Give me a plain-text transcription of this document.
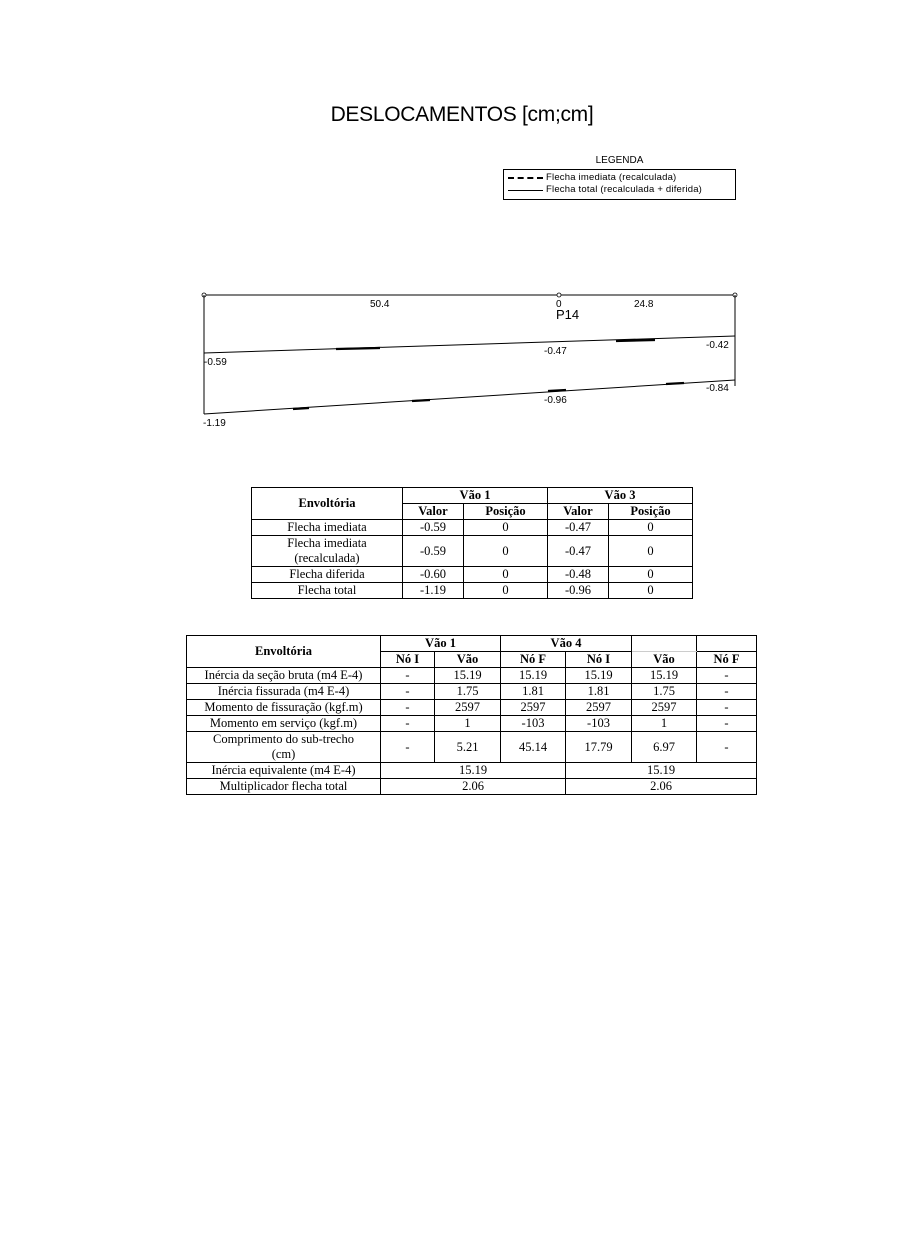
DESLOCAMENTOS [cm;cm]
LEGENDA
Flecha imediata (recalculada)
Flecha total (recalculada + diferida)
50.4	0	24.8
P14
-0.59
-0.47
-0.42
-1.19
-0.96
-0.84
Envoltória	Vão 1		Vão 3	
	Valor	Posição	Valor	Posição
Flecha imediata	-0.59	0	-0.47	0
Flecha imediata (recalculada)	-0.59	0	-0.47	0
Flecha diferida	-0.60	0	-0.48	0
Flecha total	-1.19	0	-0.96	0
Envoltória	Vão 1		Vão 4			
	Nó I	Vão	Nó F	Nó I	Vão	Nó F
Inércia da seção bruta (m4 E-4)	-	15.19	15.19	15.19	15.19	-
Inércia fissurada (m4 E-4)	-	1.75	1.81	1.81	1.75	-
Momento de fissuração (kgf.m)	-	2597	2597	2597	2597	-
Momento em serviço (kgf.m)	-	1	-103	-103	1	-
Comprimento do sub-trecho (cm)	-	5.21	45.14	17.79	6.97	-
Inércia equivalente (m4 E-4)	15.19			15.19		
Multiplicador flecha total	2.06			2.06		
